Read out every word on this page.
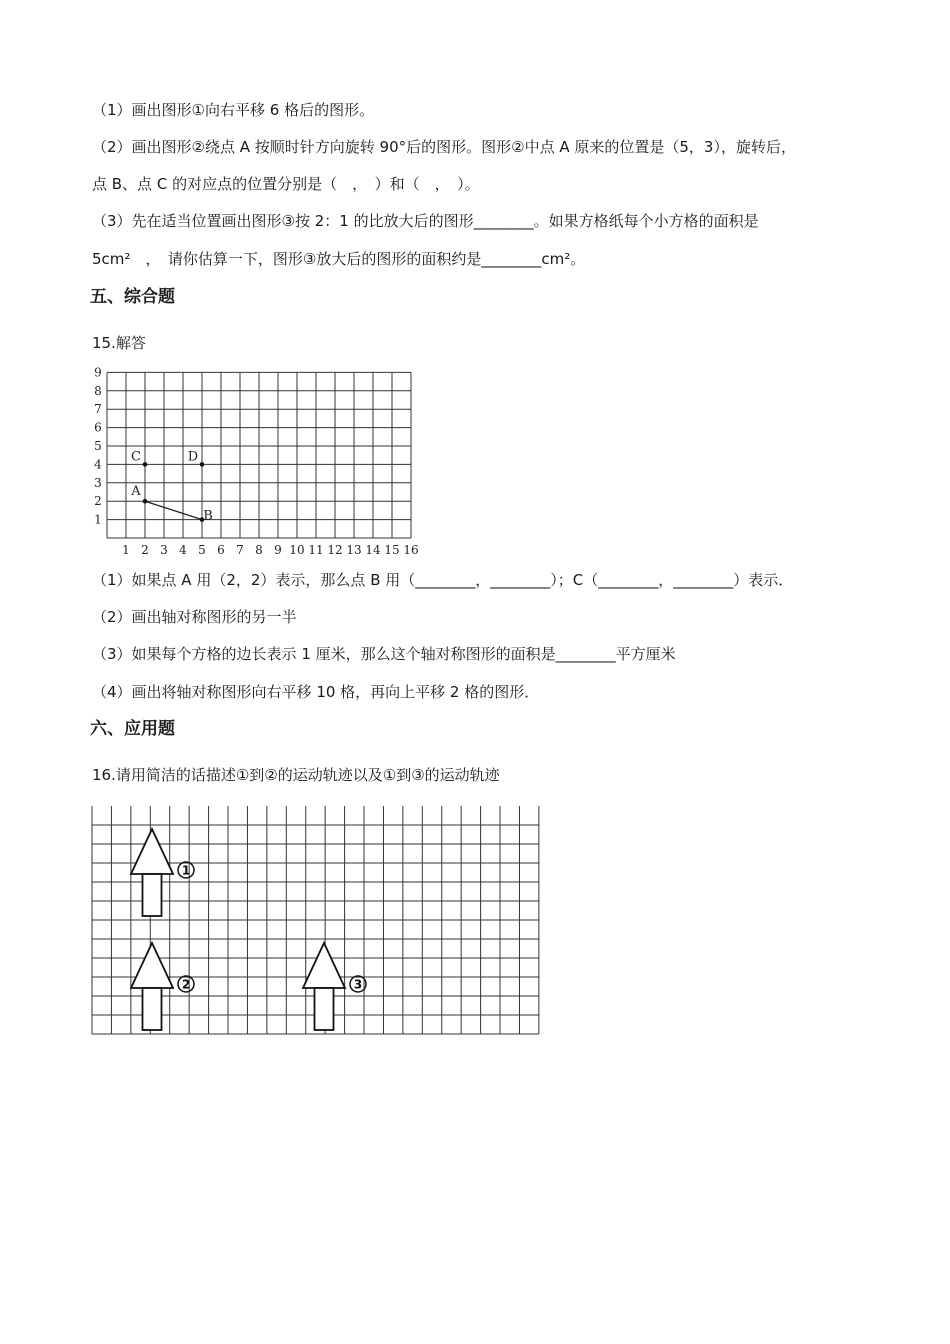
（1）画出图形①向右平移 6 格后的图形。
（2）画出图形②绕点 A 按顺时针方向旋转 90°后的图形。图形②中点 A 原来的位置是（5，3），旋转后，
点 B、点 C 的对应点的位置分别是（　，　）和（　，　）。
（3）先在适当位置画出图形③按 2：1 的比放大后的图形________。如果方格纸每个小方格的面积是
5cm²　，　请你估算一下，图形③放大后的图形的面积约是________cm²。
五、综合题
15.解答
1 2 3 4 5 6 7 8 9 10 11 12 13 14 15 16
1
2
3
4
5
6
7
8
9
A
B
C	D
（1）如果点 A 用（2，2）表示，那么点 B 用（________，________）；C（________，________）表示．
（2）画出轴对称图形的另一半
（3）如果每个方格的边长表示 1 厘米，那么这个轴对称图形的面积是________平方厘米
（4）画出将轴对称图形向右平移 10 格，再向上平移 2 格的图形．
六、应用题
16.请用简洁的话描述①到②的运动轨迹以及①到③的运动轨迹
1
2	3
